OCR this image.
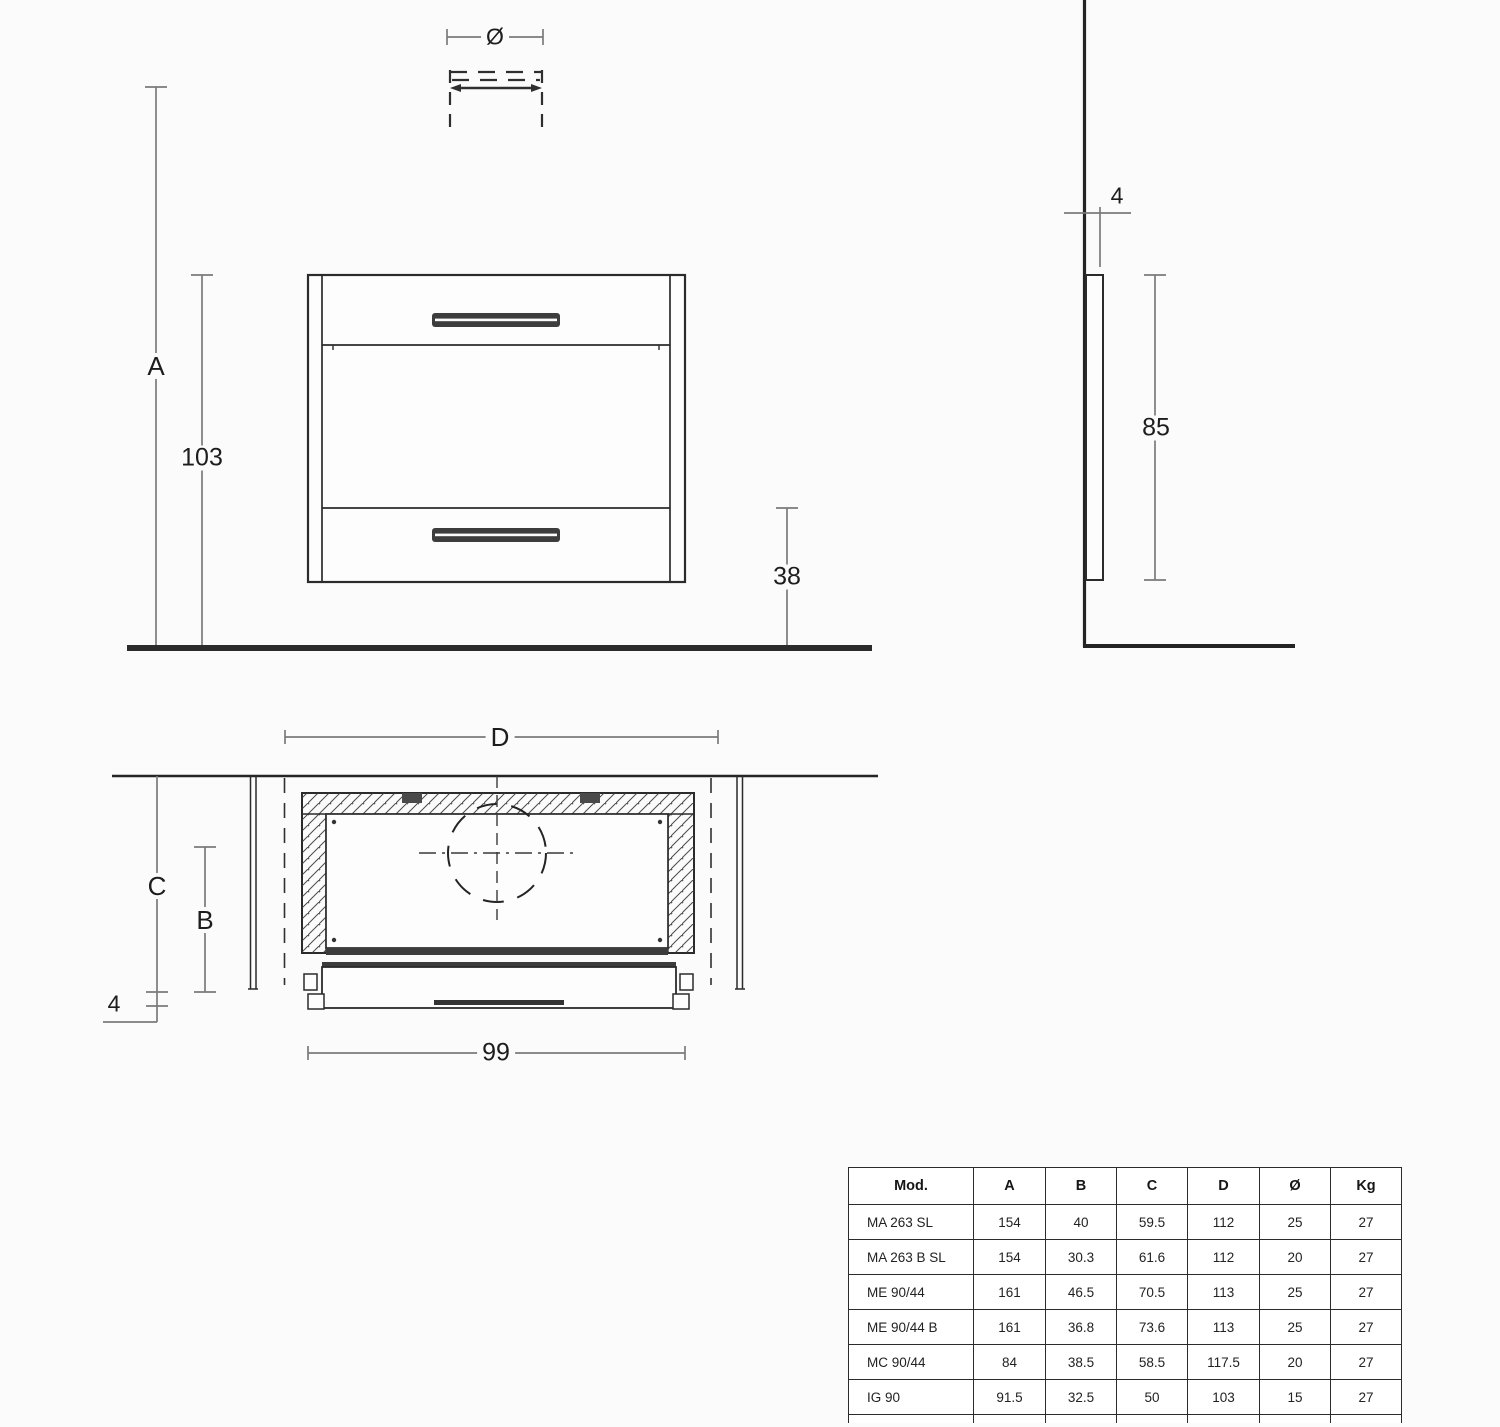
Ø
A
103
38
4
85
D
C
B
4
99
Mod.	A	B	C	D	Ø	Kg
MA 263 SL	154	40	59.5	112	25	27
MA 263 B SL	154	30.3	61.6	112	20	27
ME 90/44	161	46.5	70.5	113	25	27
ME 90/44 B	161	36.8	73.6	113	25	27
MC 90/44	84	38.5	58.5	117.5	20	27
IG 90	91.5	32.5	50	103	15	27
